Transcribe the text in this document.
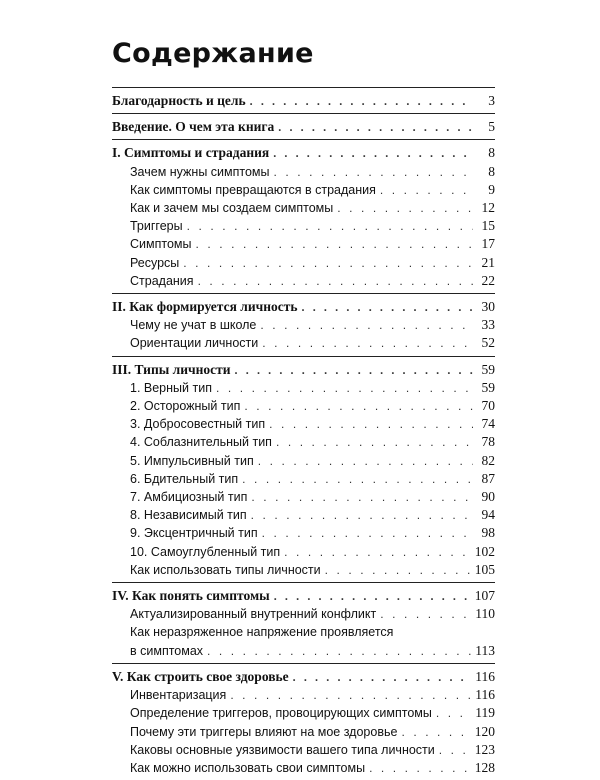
Содержание
Благодарность и цель . . .	3
Введение. О чем эта книга . . .	5
I. Симптомы и страдания . . .	8
Зачем нужны симптомы . . .	8
Как симптомы превращаются в страдания . . .	9
Как и зачем мы создаем симптомы . . .	12
Триггеры . . .	15
Симптомы . . .	17
Ресурсы . . .	21
Страдания . . .	22
II. Как формируется личность . . .	30
Чему не учат в школе . . .	33
Ориентации личности . . .	52
III. Типы личности . . .	59
1. Верный тип . . .	59
2. Осторожный тип . . .	70
3. Добросовестный тип . . .	74
4. Соблазнительный тип . . .	78
5. Импульсивный тип . . .	82
6. Бдительный тип . . .	87
7. Амбициозный тип . . .	90
8. Независимый тип . . .	94
9. Эксцентричный тип . . .	98
10. Самоуглубленный тип . . .	102
Как использовать типы личности . . .	105
IV. Как понять симптомы . . .	107
Актуализированный внутренний конфликт . . .	110
Как неразряженное напряжение проявляется
в симптомах . . .	113
V. Как строить свое здоровье . . .	116
Инвентаризация . . .	116
Определение триггеров, провоцирующих симптомы . . .	119
Почему эти триггеры влияют на мое здоровье . . .	120
Каковы основные уязвимости вашего типа личности . . .	123
Как можно использовать свои симптомы . . .	128
